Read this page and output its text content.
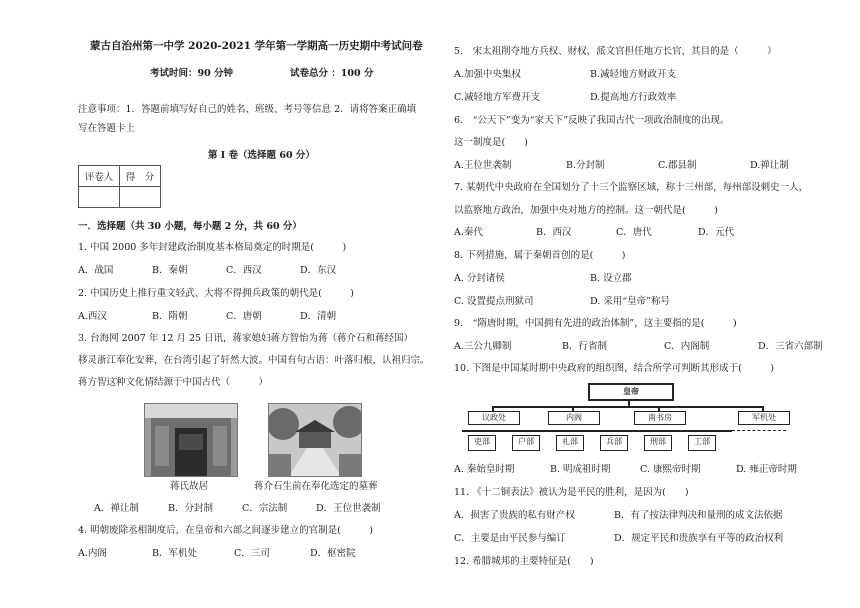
蒙古自治州第一中学 2020-2021 学年第一学期高一历史期中考试问卷
考试时间：90 分钟	试卷总分 ：100 分
注意事项：1．答题前填写好自己的姓名、班级、考号等信息 2．请将答案正确填
写在答题卡上
第 I 卷（选择题 60 分）
评卷人	得　分

一．选择题（共 30 小题，每小题 2 分，共 60 分）
1. 中国 2000 多年封建政治制度基本格局奠定的时期是(　　　)
A．战国	B．秦朝	C．西汉	D．东汉
2. 中国历史上推行重文轻武、大将不得拥兵政策的朝代是(　　　)
A.西汉	B．隋朝	C．唐朝	D．清朝
3. 台海网 2007 年 12 月 25 日讯，蒋家媳妇蒋方智怡为蒋（蒋介石和蒋经国）
移灵浙江奉化安葬，在台湾引起了轩然大波。中国有句古语：叶落归根，认祖归宗。
蒋方智这种文化情结源于中国古代（　　　）
蒋氏故居	蒋介石生前在奉化选定的墓葬
A．禅让制	B．分封制	C．宗法制	D．王位世袭制
4. 明朝废除丞相制度后，在皇帝和六部之间逐步建立的官制是(　　　)
A.内阁	B．军机处	C．三司	D．枢密院
5.　宋太祖削夺地方兵权、财权，派文官担任地方长官，其目的是（　　　）
A.加强中央集权	B.减轻地方财政开支
C.减轻地方军费开支	D.提高地方行政效率
6.　“公天下”变为“家天下”反映了我国古代一项政治制度的出现。
这一制度是(　　)
A.王位世袭制	B.分封制	C.郡县制	D.禅让制
7. 某朝代中央政府在全国划分了十三个监察区域，称十三州部，每州部设刺史一人，
以监察地方政治，加强中央对地方的控制。这一朝代是(　　　)
A.秦代	B．西汉	C．唐代	D．元代
8. 下列措施，属于秦朝首创的是(　　　)
A. 分封诸侯	B. 设立郡
C. 设置提点刑狱司	D. 采用“皇帝”称号
9.　“隋唐时期，中国拥有先进的政治体制”，这主要指的是(　　　)
A.三公九卿制	B．行省制	C．内阁制	D．三省六部制
10. 下图是中国某时期中央政府的组织图，结合所学可判断其形成于(　　　)
皇帝
议政处	内阁	南书房	军机处
吏部	户部	礼部	兵部	刑部	工部
A. 秦始皇时期	B. 明成祖时期	C. 康熙帝时期	D. 雍正帝时期
11. 《十二铜表法》被认为是平民的胜利，是因为(　　)
A．损害了贵族的私有财产权	B．有了按法律判决和量刑的成文法依据
C．主要是由平民参与编订	D．规定平民和贵族享有平等的政治权利
12. 希腊城邦的主要特征是(　　)
